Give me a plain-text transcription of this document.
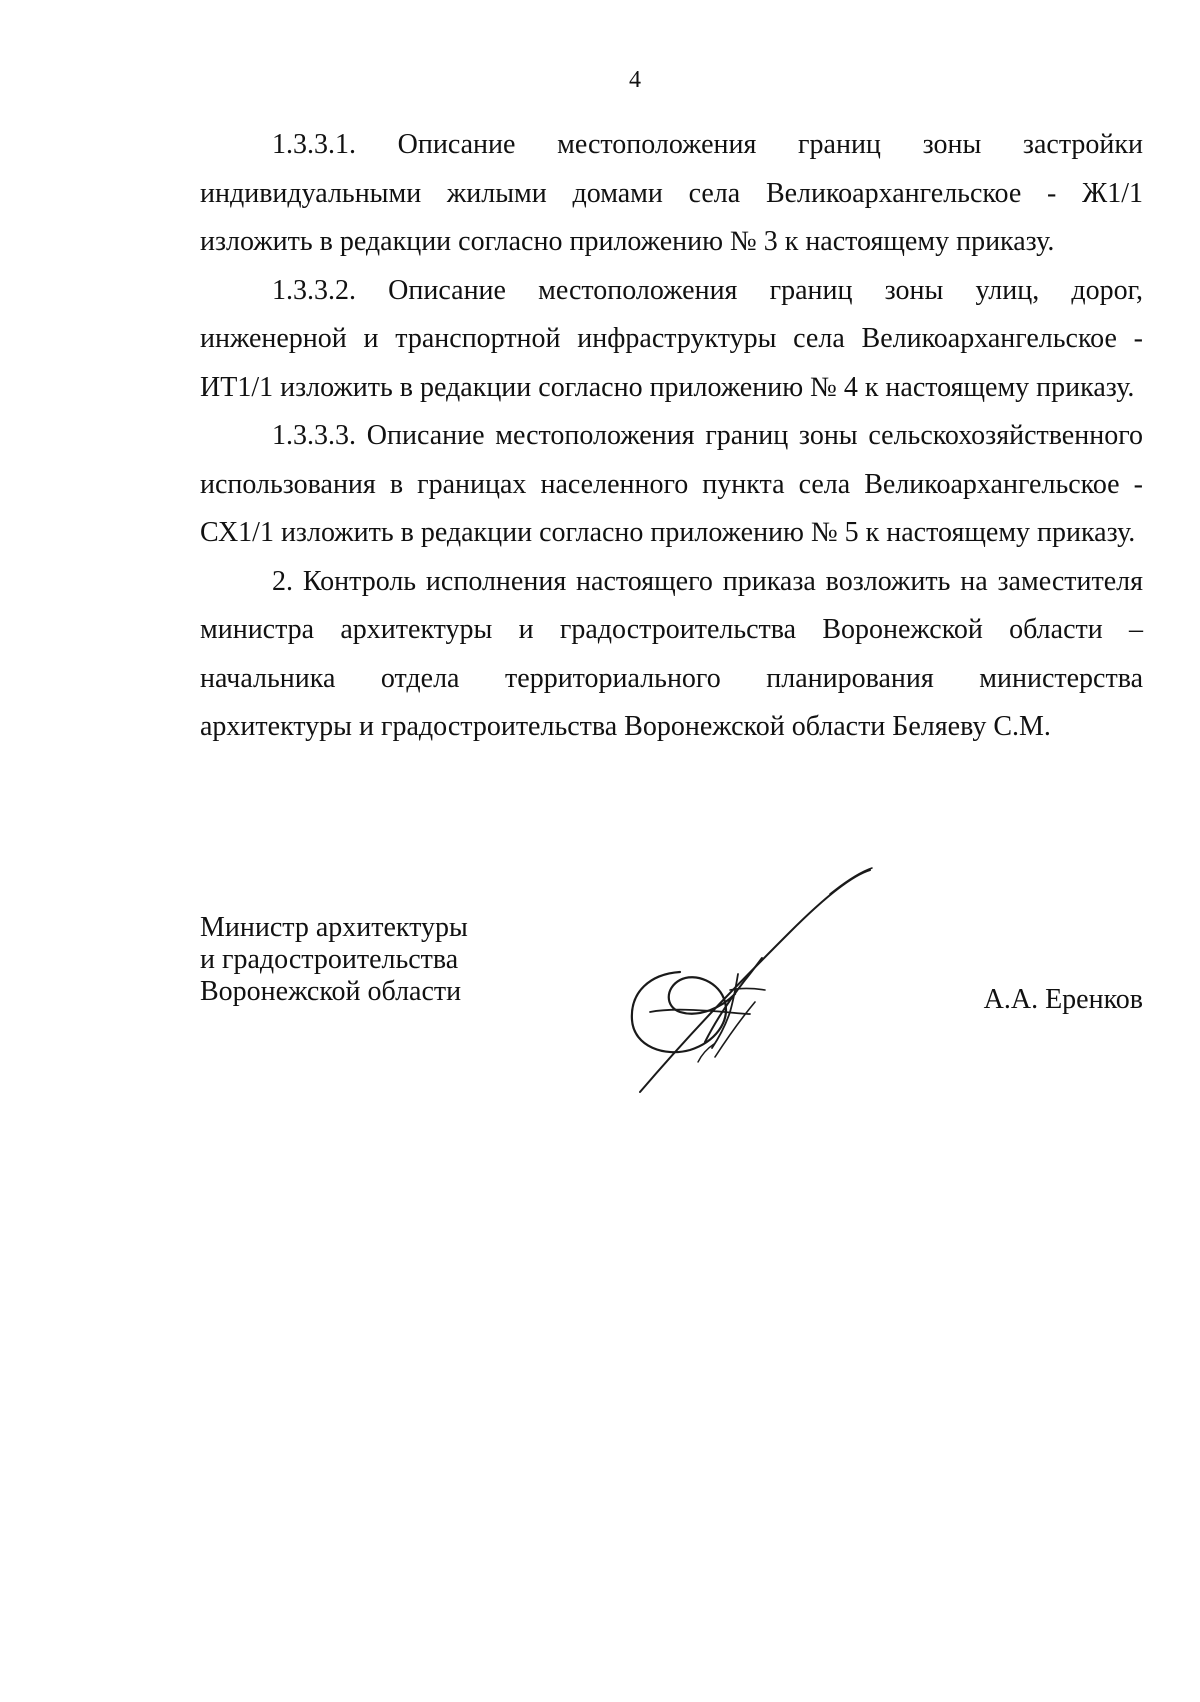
4

1.3.3.1. Описание местоположения границ зоны застройки индивидуальными жилыми домами села Великоархангельское - Ж1/1 изложить в редакции согласно приложению № 3 к настоящему приказу.

1.3.3.2. Описание местоположения границ зоны улиц, дорог, инженерной и транспортной инфраструктуры села Великоархангельское - ИТ1/1 изложить в редакции согласно приложению № 4 к настоящему приказу.

1.3.3.3. Описание местоположения границ зоны сельскохозяйственного использования в границах населенного пункта села Великоархангельское - СХ1/1 изложить в редакции согласно приложению № 5 к настоящему приказу.

2. Контроль исполнения настоящего приказа возложить на заместителя министра архитектуры и градостроительства Воронежской области – начальника отдела территориального планирования министерства архитектуры и градостроительства Воронежской области Беляеву С.М.

Министр архитектуры
и градостроительства
Воронежской области	А.А. Еренков
